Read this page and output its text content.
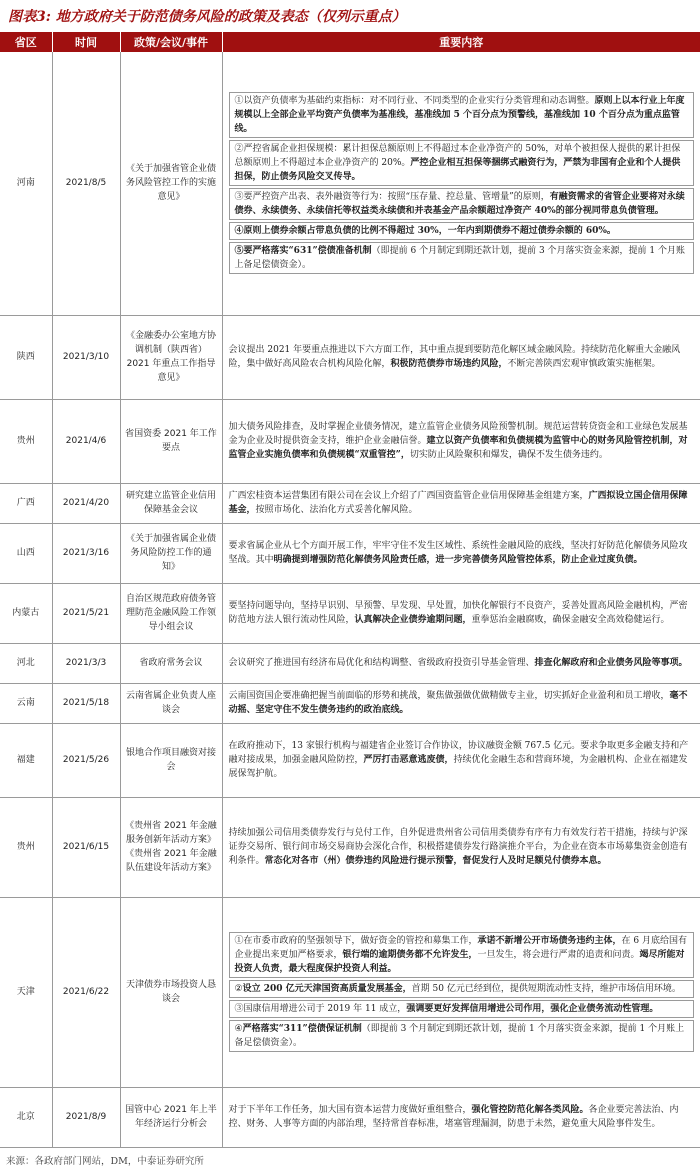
图表3: 地方政府关于防范债务风险的政策及表态（仅列示重点）
省区	时间	政策/会议/事件	重要内容
河南	2021/8/5	《关于加强省管企业债务风险管控工作的实施意见》	①以资产负债率为基础约束指标：对不同行业、不同类型的企业实行分类管理和动态调整。原则上以本行业上年度规模以上全部企业平均资产负债率为基准线，基准线加 5 个百分点为预警线，基准线加 10 个百分点为重点监管线。
②严控省属企业担保规模：累计担保总额原则上不得超过本企业净资产的 50%，对单个被担保人提供的累计担保总额原则上不得超过本企业净资产的 20%。严控企业相互担保等捆绑式融资行为，严禁为非国有企业和个人提供担保，防止债务风险交叉传导。
③要严控资产出表、表外融资等行为：按照“压存量、控总量、管增量”的原则，有融资需求的省管企业要将对永续债券、永续债务、永续信托等权益类永续债和并表基金产品余额超过净资产 40%的部分视同带息负债管理。
④原则上债券余额占带息负债的比例不得超过 30%，一年内到期债券不超过债券余额的 60%。
⑤要严格落实“631”偿债准备机制（即提前 6 个月制定到期还款计划，提前 3 个月落实资金来源，提前 1 个月账上备足偿债资金）。

陕西	2021/3/10	《金融委办公室地方协调机制（陕西省）2021 年重点工作指导意见》	会议提出 2021 年要重点推进以下六方面工作，其中重点提到要防范化解区域金融风险。持续防范化解重大金融风险，集中做好高风险农合机构风险化解，积极防范债券市场违约风险，不断完善陕西宏观审慎政策实施框架。
贵州	2021/4/6	省国资委 2021 年工作要点	加大债务风险排查，及时掌握企业债务情况，建立监管企业债务风险预警机制。规范运营转贷资金和工业绿色发展基金为企业及时提供资金支持，维护企业金融信誉。建立以资产负债率和负债规模为监管中心的财务风险管控机制，对监管企业实施负债率和负债规模“双重管控”，切实防止风险聚积和爆发，确保不发生债务违约。
广西	2021/4/20	研究建立监管企业信用保障基金会议	广西宏桂资本运营集团有限公司在会议上介绍了广西国资监管企业信用保障基金组建方案，广西拟设立国企信用保障基金，按照市场化、法治化方式妥善化解风险。
山西	2021/3/16	《关于加强省属企业债务风险防控工作的通知》	要求省属企业从七个方面开展工作，牢牢守住不发生区域性、系统性金融风险的底线，坚决打好防范化解债务风险攻坚战。其中明确提到增强防范化解债务风险责任感，进一步完善债务风险管控体系，防止企业过度负债。
内蒙古	2021/5/21	自治区规范政府债务管理防范金融风险工作领导小组会议	要坚持问题导向，坚持早识别、早预警、早发现、早处置，加快化解银行不良资产，妥善处置高风险金融机构，严密防范地方法人银行流动性风险，认真解决企业债券逾期问题，重拳惩治金融腐败，确保金融安全高效稳健运行。
河北	2021/3/3	省政府常务会议	会议研究了推进国有经济布局优化和结构调整、省级政府投资引导基金管理、排查化解政府和企业债务风险等事项。
云南	2021/5/18	云南省属企业负责人座谈会	云南国资国企要准确把握当前面临的形势和挑战，聚焦做强做优做精做专主业，切实抓好企业盈利和员工增收，毫不动摇、坚定守住不发生债务违约的政治底线。
福建	2021/5/26	银地合作项目融资对接会	在政府推动下，13 家银行机构与福建省企业签订合作协议，协议融资金额 767.5 亿元。要求争取更多金融支持和产融对接成果，加强金融风险防控，严厉打击恶意逃废债，持续优化金融生态和营商环境，为金融机构、企业在福建发展保驾护航。
贵州	2021/6/15	《贵州省 2021 年金融服务创新年活动方案》《贵州省 2021 年金融队伍建设年活动方案》	持续加强公司信用类债券发行与兑付工作，自外促进贵州省公司信用类债券有序有力有效发行若干措施，持续与沪深证券交易所、银行间市场交易商协会深化合作，积极搭建债券发行路演推介平台，为企业在资本市场募集资金创造有利条件。常态化对各市（州）债券违约风险进行提示预警，督促发行人及时足额兑付债券本息。
天津	2021/6/22	天津债券市场投资人恳谈会	①在市委市政府的坚强领导下，做好资金的管控和募集工作，承诺不新增公开市场债务违约主体，在 6 月底给国有企业提出来更加严格要求，银行端的逾期债务都不允许发生，一旦发生，将会进行严肃的追责和问责。竭尽所能对投资人负责，最大程度保护投资人利益。
②设立 200 亿元天津国资高质量发展基金，首期 50 亿元已经到位，提供短期流动性支持，维护市场信用环境。
③国康信用增进公司于 2019 年 11 成立，强调要更好发挥信用增进公司作用，强化企业债务流动性管理。
④严格落实“311”偿债保证机制（即提前 3 个月制定到期还款计划，提前 1 个月落实资金来源，提前 1 个月账上备足偿债资金）。

北京	2021/8/9	国管中心 2021 年上半年经济运行分析会	对于下半年工作任务，加大国有资本运营力度做好重组整合，强化管控防范化解各类风险。各企业要完善法治、内控、财务、人事等方面的内部治理，坚持常首春标准，堵塞管理漏洞，防患于未然，避免重大风险事件发生。
来源：各政府部门网站，DM，中泰证券研究所
